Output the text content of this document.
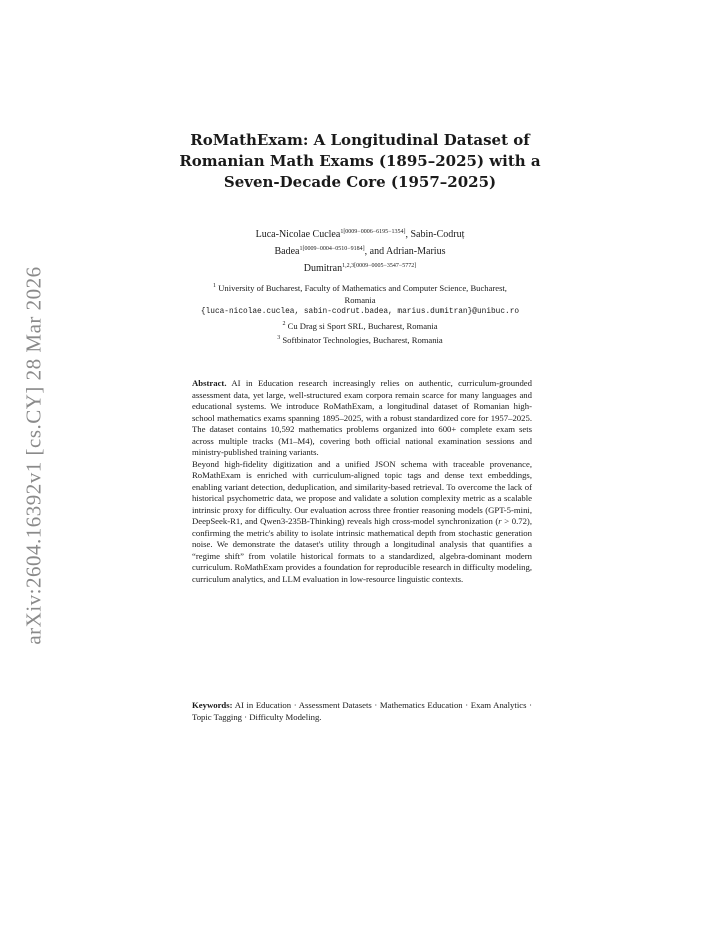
arXiv:2604.16392v1 [cs.CY] 28 Mar 2026
RoMathExam: A Longitudinal Dataset of
Romanian Math Exams (1895–2025) with a
Seven-Decade Core (1957–2025)
Luca-Nicolae Cuclea$^{1[0009-0006-6195-1354]}$, Sabin-Codruț
Badea$^{1[0009-0004-0510-9184]}$, and Adrian-Marius
Dumitran$^{1,2,3[0009-0005-3547-5772]}$
$^1$ University of Bucharest, Faculty of Mathematics and Computer Science, Bucharest,
Romania
{luca-nicolae.cuclea, sabin-codrut.badea, marius.dumitran}@unibuc.ro
$^2$ Cu Drag si Sport SRL, Bucharest, Romania
$^3$ Softbinator Technologies, Bucharest, Romania

Abstract. AI in Education research increasingly relies on authentic, curriculum-grounded assessment data, yet large, well-structured exam corpora remain scarce for many languages and educational systems. We introduce RoMathExam, a longitudinal dataset of Romanian high-school mathematics exams spanning 1895–2025, with a robust standardized core for 1957–2025. The dataset contains 10,592 mathematics problems organized into 600+ complete exam sets across multiple tracks (M1–M4), covering both official national examination sessions and ministry-published training variants.

Beyond high-fidelity digitization and a unified JSON schema with traceable provenance, RoMathExam is enriched with curriculum-aligned topic tags and dense text embeddings, enabling variant detection, deduplication, and similarity-based retrieval. To overcome the lack of historical psychometric data, we propose and validate a solution complexity metric as a scalable intrinsic proxy for difficulty. Our evaluation across three frontier reasoning models (GPT-5-mini, DeepSeek-R1, and Qwen3-235B-Thinking) reveals high cross-model synchronization (r > 0.72), confirming the metric's ability to isolate intrinsic mathematical depth from stochastic generation noise. We demonstrate the dataset's utility through a longitudinal analysis that quantifies a “regime shift” from volatile historical formats to a standardized, algebra-dominant modern curriculum. RoMathExam provides a foundation for reproducible research in difficulty modeling, curriculum analytics, and LLM evaluation in low-resource linguistic contexts.

Keywords: AI in Education · Assessment Datasets · Mathematics Education · Exam Analytics · Topic Tagging · Difficulty Modeling.
